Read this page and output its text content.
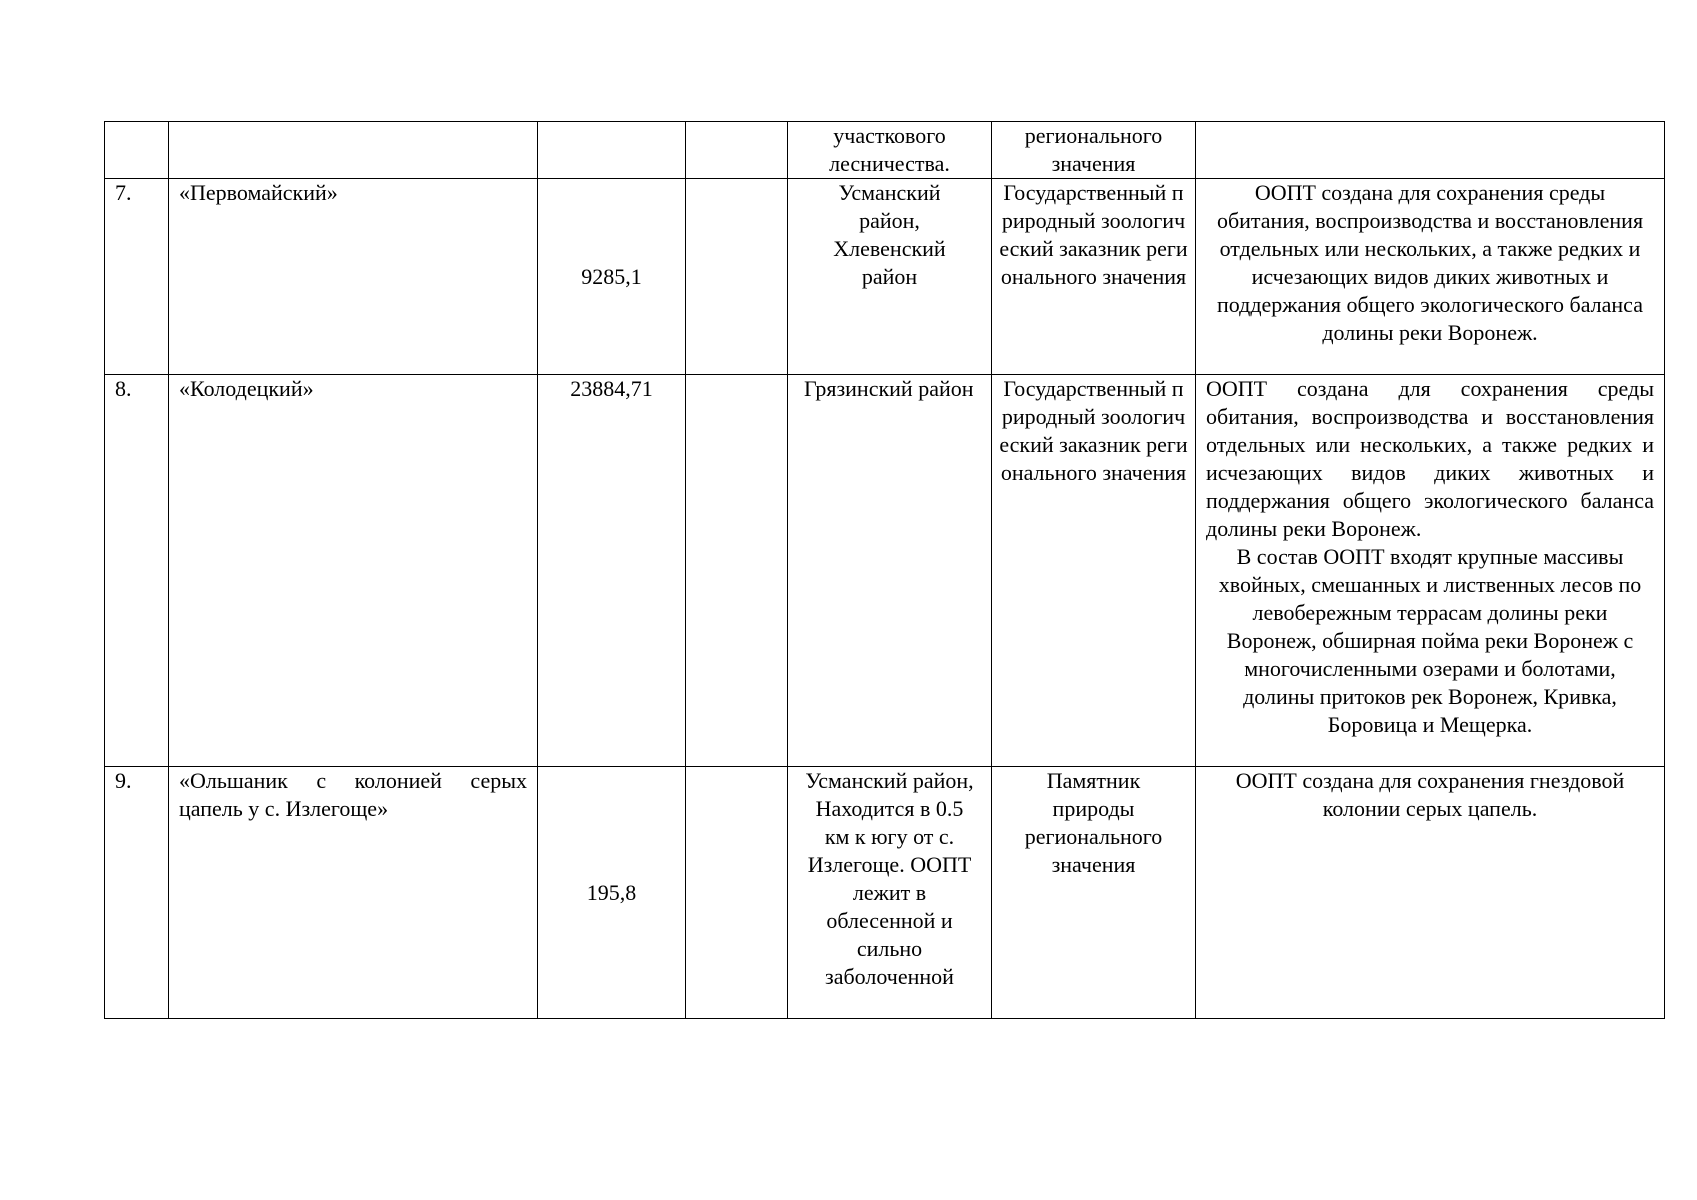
				участкового лесничества.	регионального значения	
7.	«Первомайский»	9285,1		Усманский район, Хлевенский район	Государственный природный зоологический заказник регионального значения	ООПТ создана для сохранения среды обитания, воспроизводства и восстановления отдельных или нескольких, а также редких и исчезающих видов диких животных и поддержания общего экологического баланса долины реки Воронеж.
8.	«Колодецкий»	23884,71		Грязинский район	Государственный природный зоологический заказник регионального значения	ООПТ создана для сохранения среды обитания, воспроизводства и восстановления отдельных или нескольких, а также редких и исчезающих видов диких животных и поддержания общего экологического баланса долины реки Воронеж.
В состав ООПТ входят крупные массивы хвойных, смешанных и лиственных лесов по левобережным террасам долины реки Воронеж, обширная пойма реки Воронеж с многочисленными озерами и болотами, долины притоков рек Воронеж, Кривка, Боровица и Мещерка.

9.	«Ольшаник с колонией серых цапель у с. Излегоще»	195,8		Усманский район, Находится в 0.5 км к югу от с. Излегоще. ООПТ лежит в облесенной и сильно заболоченной	Памятник природы регионального значения	ООПТ создана для сохранения гнездовой колонии серых цапель.
